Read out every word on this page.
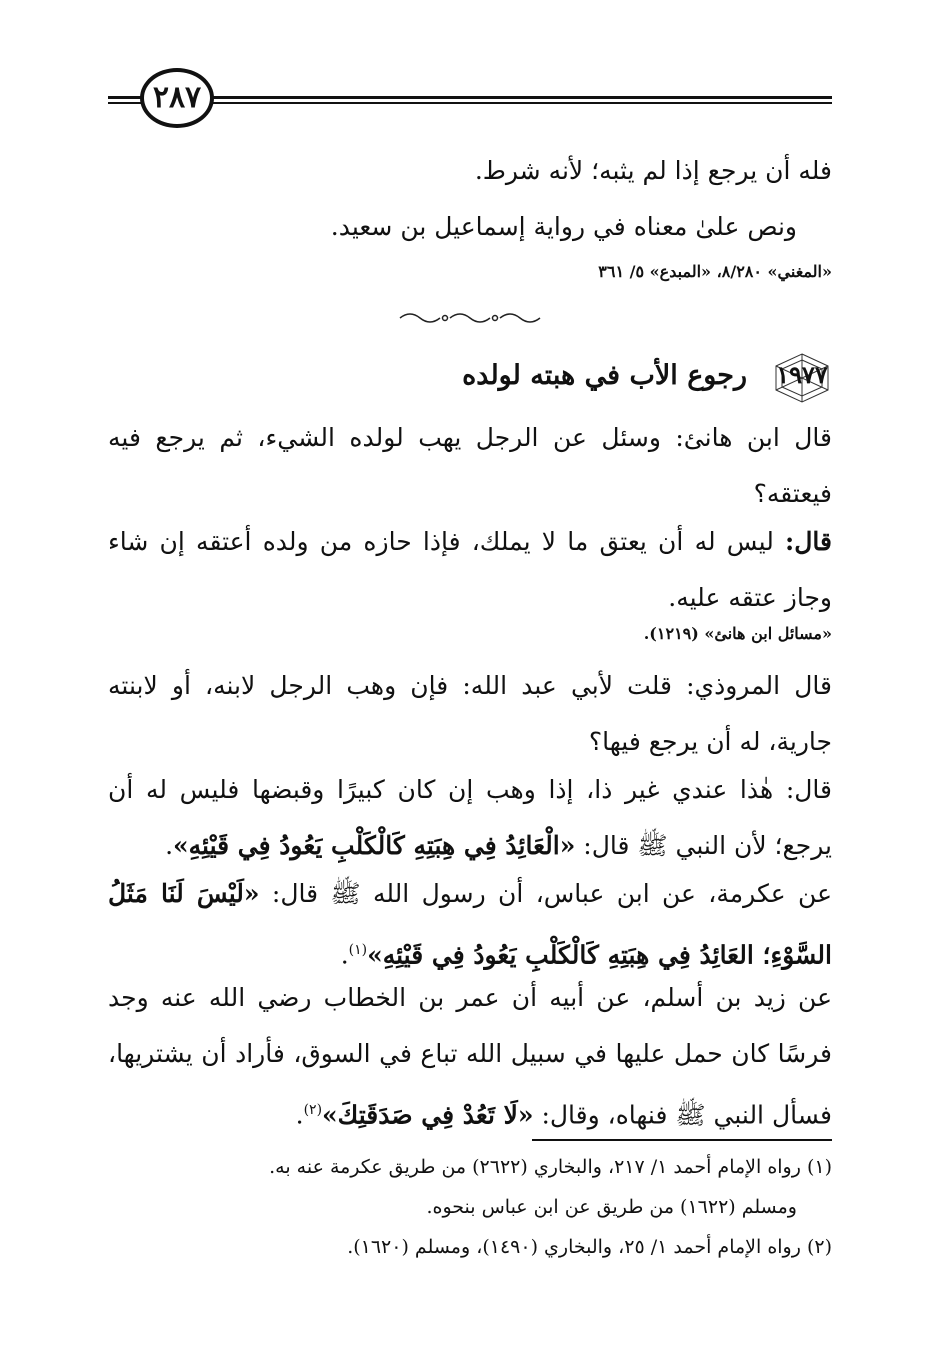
٢٨٧
فله أن يرجع إذا لم يثبه؛ لأنه شرط.
ونص علىٰ معناه في رواية إسماعيل بن سعيد.
«المغني» ٨/٢٨٠، «المبدع» ٥/ ٣٦١
١٩٧٧
رجوع الأب في هبته لولده
قال ابن هانئ: وسئل عن الرجل يهب لولده الشيء، ثم يرجع فيه فيعتقه؟
قال: ليس له أن يعتق ما لا يملك، فإذا حازه من ولده أعتقه إن شاء وجاز عتقه عليه.
«مسائل ابن هانئ» (١٢١٩).
قال المروذي: قلت لأبي عبد الله: فإن وهب الرجل لابنه، أو لابنته جارية، له أن يرجع فيها؟
قال: هٰذا عندي غير ذا، إذا وهب إن كان كبيرًا وقبضها فليس له أن يرجع؛ لأن النبي ﷺ قال: «الْعَائِدُ فِي هِبَتِهِ كَالْكَلْبِ يَعُودُ فِي قَيْئِهِ».
عن عكرمة، عن ابن عباس، أن رسول الله ﷺ قال: «لَيْسَ لَنَا مَثَلُ السَّوْءِ؛ العَائِدُ فِي هِبَتِهِ كَالْكَلْبِ يَعُودُ فِي قَيْئِهِ»$^{(١)}$.
عن زيد بن أسلم، عن أبيه أن عمر بن الخطاب رضي الله عنه وجد فرسًا كان حمل عليها في سبيل الله تباع في السوق، فأراد أن يشتريها، فسأل النبي ﷺ فنهاه، وقال: «لَا تَعُدْ فِي صَدَقَتِكَ»$^{(٢)}$.
(١) رواه الإمام أحمد ١/ ٢١٧، والبخاري (٢٦٢٢) من طريق عكرمة عنه به.
ومسلم (١٦٢٢) من طريق عن ابن عباس بنحوه.
(٢) رواه الإمام أحمد ١/ ٢٥، والبخاري (١٤٩٠)، ومسلم (١٦٢٠).
